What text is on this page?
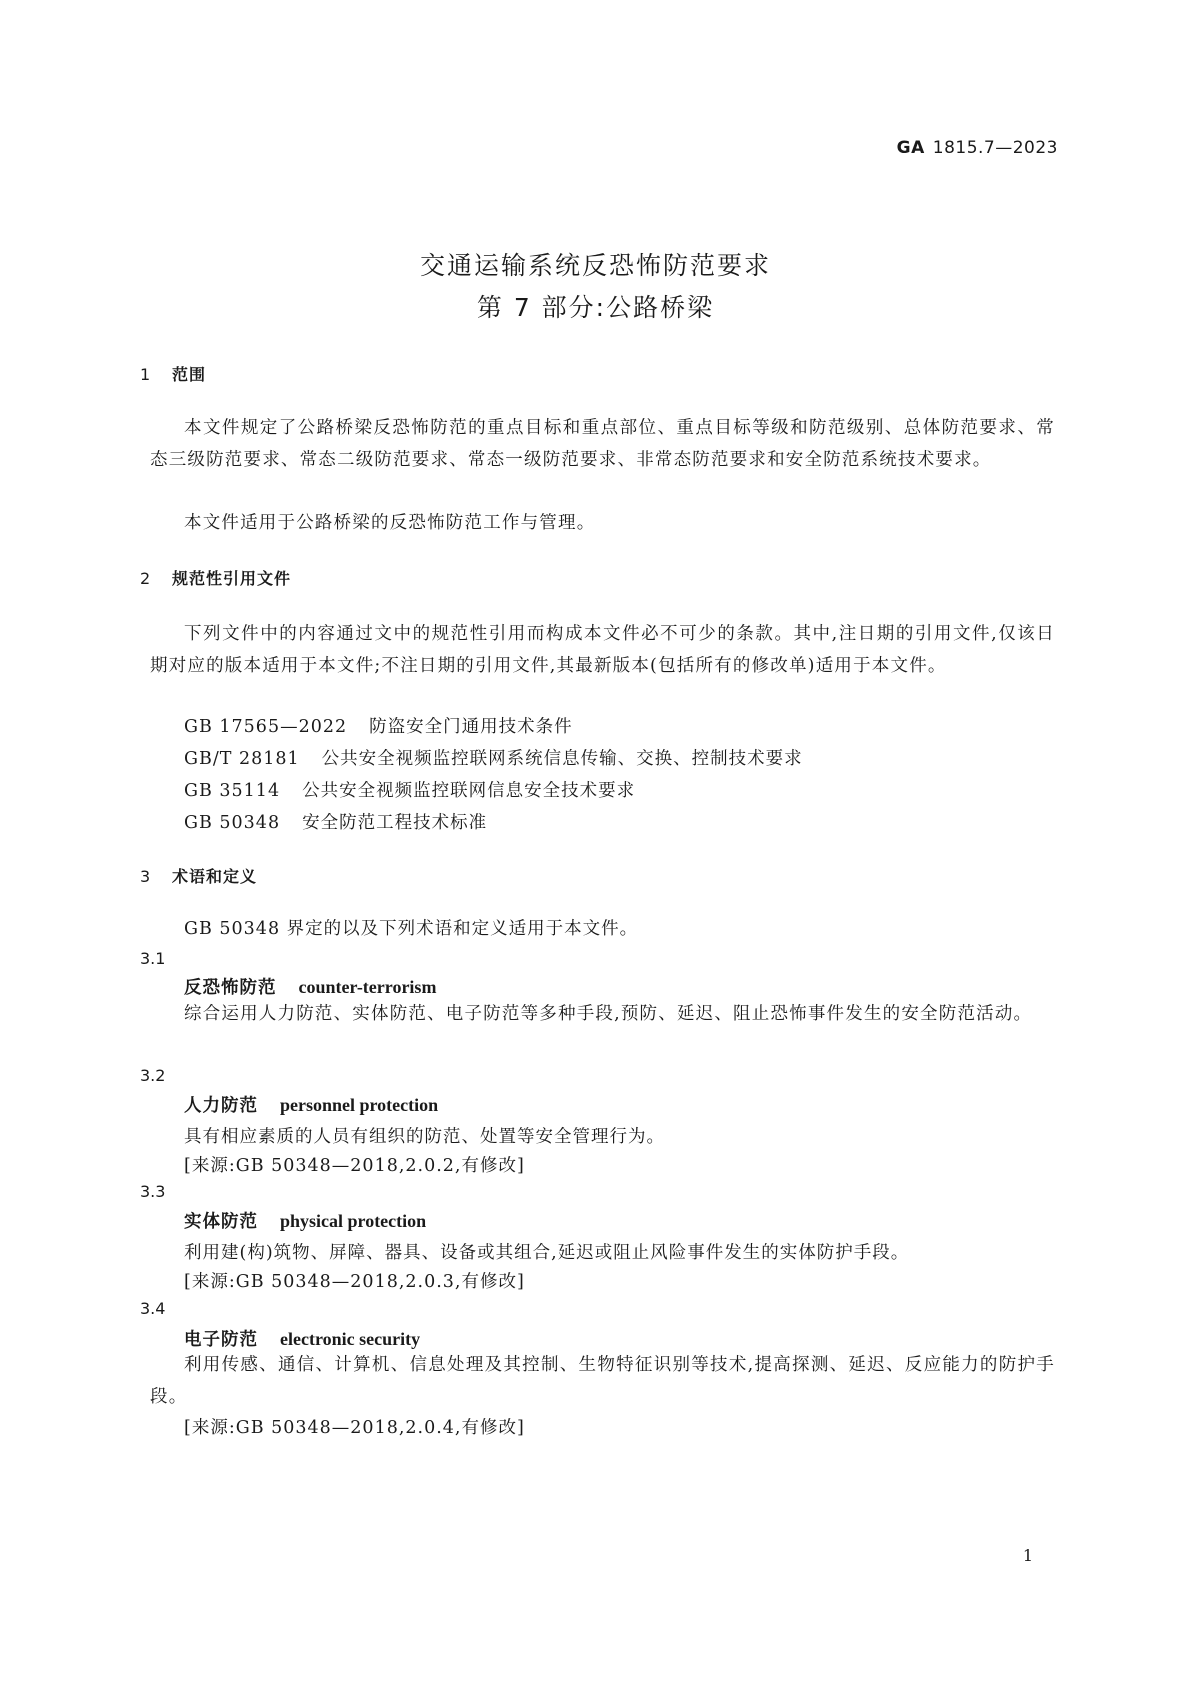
GA 1815.7—2023
交通运输系统反恐怖防范要求
第 7 部分:公路桥梁
1 范围
本文件规定了公路桥梁反恐怖防范的重点目标和重点部位、重点目标等级和防范级别、总体防范要求、常态三级防范要求、常态二级防范要求、常态一级防范要求、非常态防范要求和安全防范系统技术要求。
本文件适用于公路桥梁的反恐怖防范工作与管理。
2 规范性引用文件
下列文件中的内容通过文中的规范性引用而构成本文件必不可少的条款。其中,注日期的引用文件,仅该日期对应的版本适用于本文件;不注日期的引用文件,其最新版本(包括所有的修改单)适用于本文件。
GB 17565—2022 防盗安全门通用技术条件
GB/T 28181 公共安全视频监控联网系统信息传输、交换、控制技术要求
GB 35114 公共安全视频监控联网信息安全技术要求
GB 50348 安全防范工程技术标准
3 术语和定义
GB 50348 界定的以及下列术语和定义适用于本文件。
3.1
反恐怖防范 counter-terrorism
综合运用人力防范、实体防范、电子防范等多种手段,预防、延迟、阻止恐怖事件发生的安全防范活动。
3.2
人力防范 personnel protection
具有相应素质的人员有组织的防范、处置等安全管理行为。
[来源:GB 50348—2018,2.0.2,有修改]
3.3
实体防范 physical protection
利用建(构)筑物、屏障、器具、设备或其组合,延迟或阻止风险事件发生的实体防护手段。
[来源:GB 50348—2018,2.0.3,有修改]
3.4
电子防范 electronic security
利用传感、通信、计算机、信息处理及其控制、生物特征识别等技术,提高探测、延迟、反应能力的防护手段。
[来源:GB 50348—2018,2.0.4,有修改]
1
